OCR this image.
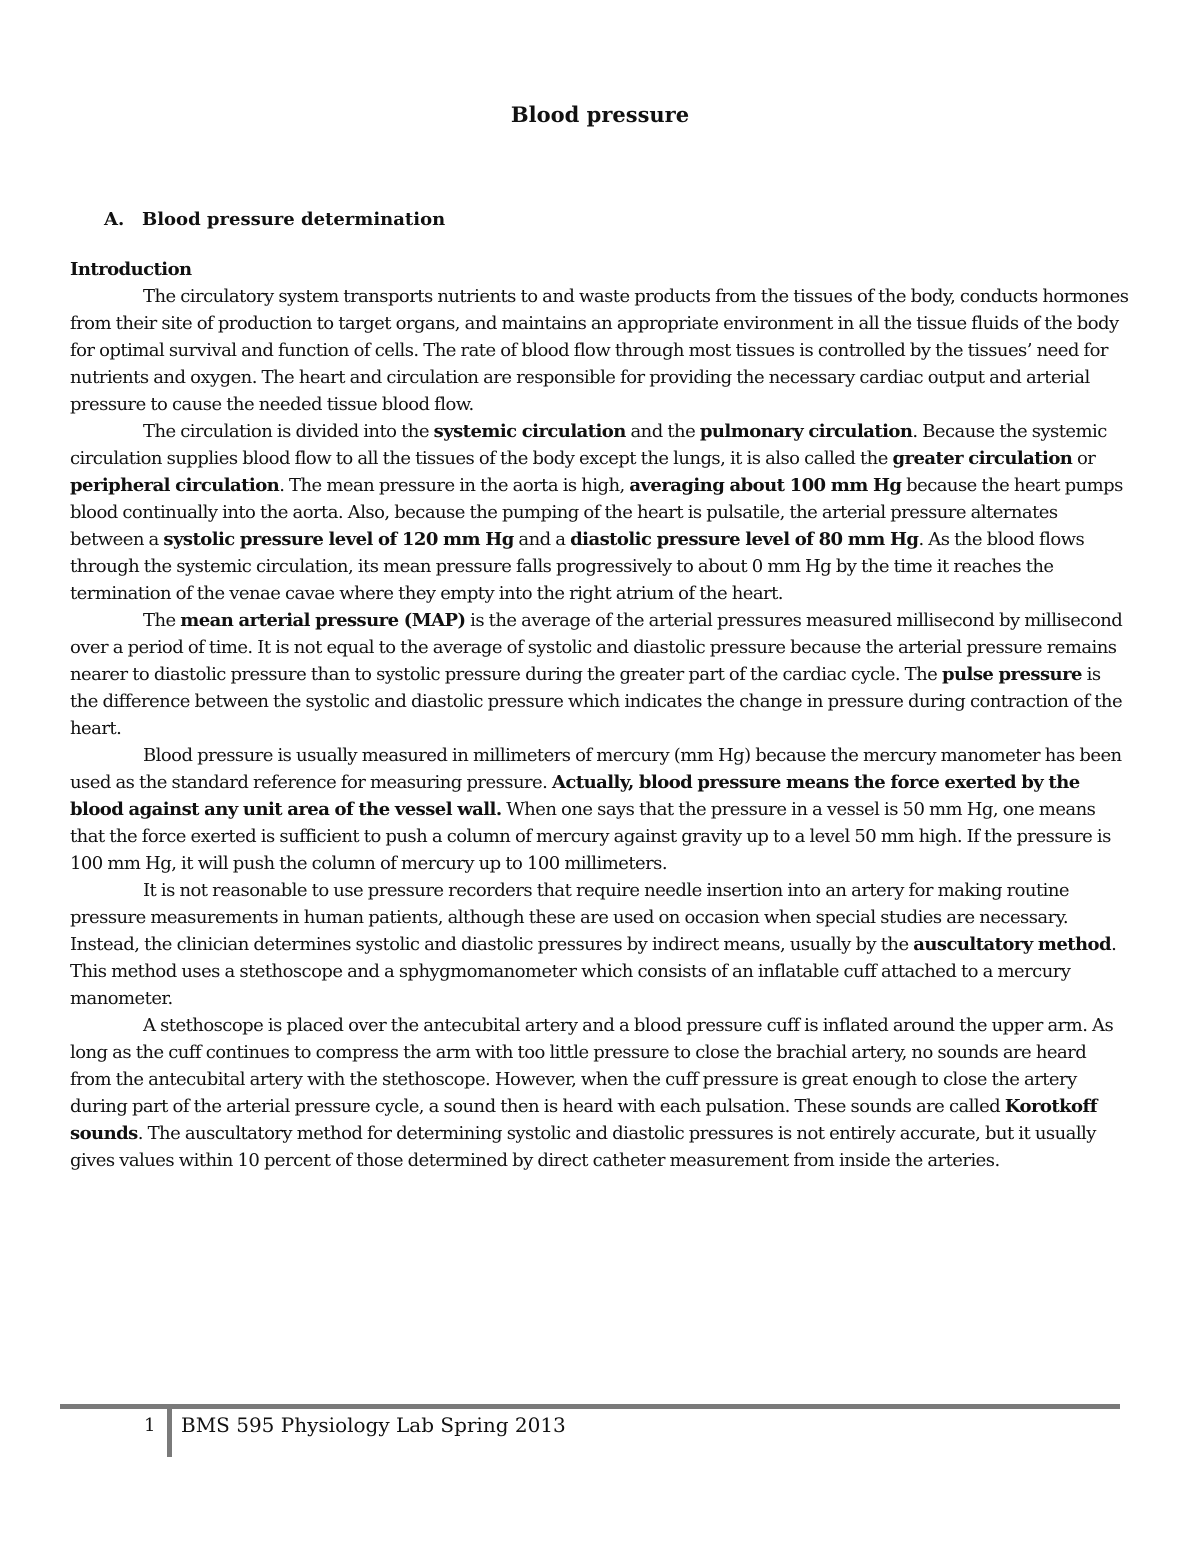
Blood pressure
A. Blood pressure determination

Introduction

The circulatory system transports nutrients to and waste products from the tissues of the body, conducts hormones from their site of production to target organs, and maintains an appropriate environment in all the tissue fluids of the body for optimal survival and function of cells. The rate of blood flow through most tissues is controlled by the tissues’ need for nutrients and oxygen. The heart and circulation are responsible for providing the necessary cardiac output and arterial pressure to cause the needed tissue blood flow.

The circulation is divided into the systemic circulation and the pulmonary circulation. Because the systemic circulation supplies blood flow to all the tissues of the body except the lungs, it is also called the greater circulation or peripheral circulation. The mean pressure in the aorta is high, averaging about 100 mm Hg because the heart pumps blood continually into the aorta. Also, because the pumping of the heart is pulsatile, the arterial pressure alternates between a systolic pressure level of 120 mm Hg and a diastolic pressure level of 80 mm Hg. As the blood flows through the systemic circulation, its mean pressure falls progressively to about 0 mm Hg by the time it reaches the termination of the venae cavae where they empty into the right atrium of the heart.

The mean arterial pressure (MAP) is the average of the arterial pressures measured millisecond by millisecond over a period of time. It is not equal to the average of systolic and diastolic pressure because the arterial pressure remains nearer to diastolic pressure than to systolic pressure during the greater part of the cardiac cycle. The pulse pressure is the difference between the systolic and diastolic pressure which indicates the change in pressure during contraction of the heart.

Blood pressure is usually measured in millimeters of mercury (mm Hg) because the mercury manometer has been used as the standard reference for measuring pressure. Actually, blood pressure means the force exerted by the blood against any unit area of the vessel wall. When one says that the pressure in a vessel is 50 mm Hg, one means that the force exerted is sufficient to push a column of mercury against gravity up to a level 50 mm high. If the pressure is 100 mm Hg, it will push the column of mercury up to 100 millimeters.

It is not reasonable to use pressure recorders that require needle insertion into an artery for making routine pressure measurements in human patients, although these are used on occasion when special studies are necessary. Instead, the clinician determines systolic and diastolic pressures by indirect means, usually by the auscultatory method. This method uses a stethoscope and a sphygmomanometer which consists of an inflatable cuff attached to a mercury manometer.

A stethoscope is placed over the antecubital artery and a blood pressure cuff is inflated around the upper arm. As long as the cuff continues to compress the arm with too little pressure to close the brachial artery, no sounds are heard from the antecubital artery with the stethoscope. However, when the cuff pressure is great enough to close the artery during part of the arterial pressure cycle, a sound then is heard with each pulsation. These sounds are called Korotkoff sounds. The auscultatory method for determining systolic and diastolic pressures is not entirely accurate, but it usually gives values within 10 percent of those determined by direct catheter measurement from inside the arteries.

1 BMS 595 Physiology Lab Spring 2013
